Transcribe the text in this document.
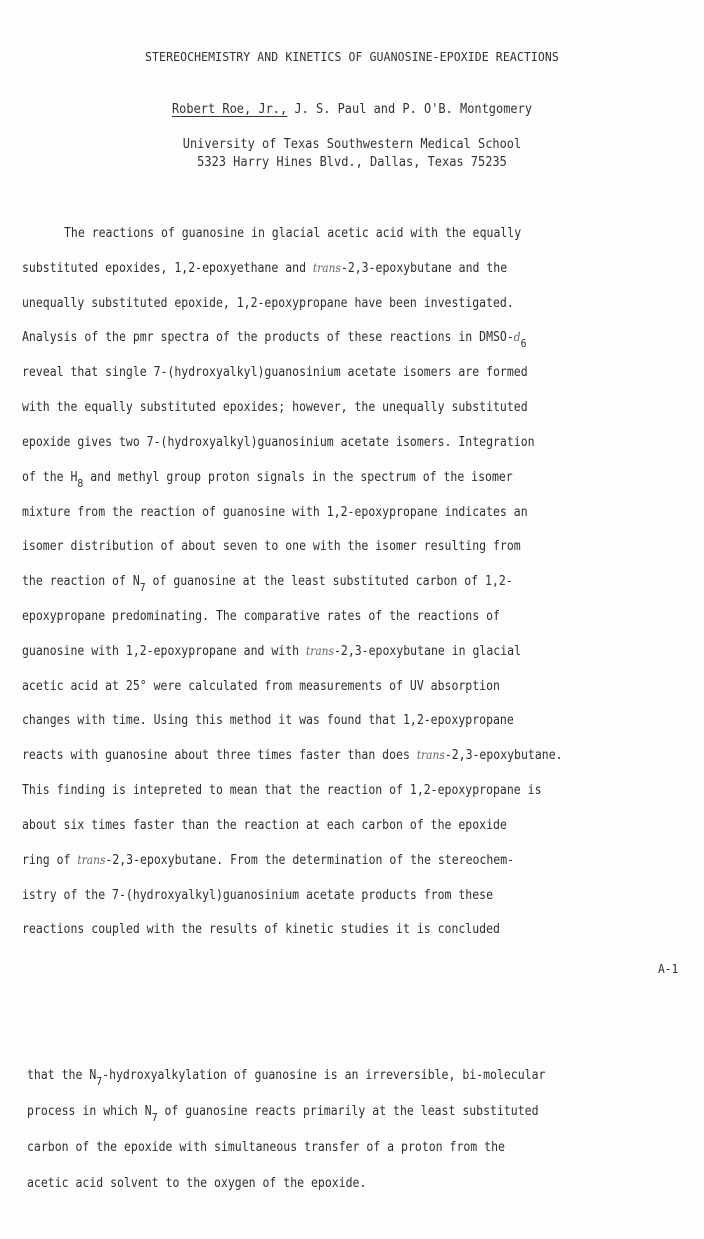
STEREOCHEMISTRY AND KINETICS OF GUANOSINE-EPOXIDE REACTIONS
Robert Roe, Jr., J. S. Paul and P. O'B. Montgomery
University of Texas Southwestern Medical School
5323 Harry Hines Blvd., Dallas, Texas 75235
The reactions of guanosine in glacial acetic acid with the equally
substituted epoxides, 1,2-epoxyethane and trans-2,3-epoxybutane and the
unequally substituted epoxide, 1,2-epoxypropane have been investigated.
Analysis of the pmr spectra of the products of these reactions in DMSO-$d_6$
reveal that single 7-(hydroxyalkyl)guanosinium acetate isomers are formed
with the equally substituted epoxides; however, the unequally substituted
epoxide gives two 7-(hydroxyalkyl)guanosinium acetate isomers. Integration
of the $H_8$ and methyl group proton signals in the spectrum of the isomer
mixture from the reaction of guanosine with 1,2-epoxypropane indicates an
isomer distribution of about seven to one with the isomer resulting from
the reaction of $N_7$ of guanosine at the least substituted carbon of 1,2-
epoxypropane predominating. The comparative rates of the reactions of
guanosine with 1,2-epoxypropane and with trans-2,3-epoxybutane in glacial
acetic acid at 25° were calculated from measurements of UV absorption
changes with time. Using this method it was found that 1,2-epoxypropane
reacts with guanosine about three times faster than does trans-2,3-epoxybutane.
This finding is intepreted to mean that the reaction of 1,2-epoxypropane is
about six times faster than the reaction at each carbon of the epoxide
ring of trans-2,3-epoxybutane. From the determination of the stereochem-
istry of the 7-(hydroxyalkyl)guanosinium acetate products from these
reactions coupled with the results of kinetic studies it is concluded
A-1
that the $N_7$-hydroxyalkylation of guanosine is an irreversible, bi-molecular
process in which $N_7$ of guanosine reacts primarily at the least substituted
carbon of the epoxide with simultaneous transfer of a proton from the
acetic acid solvent to the oxygen of the epoxide.
